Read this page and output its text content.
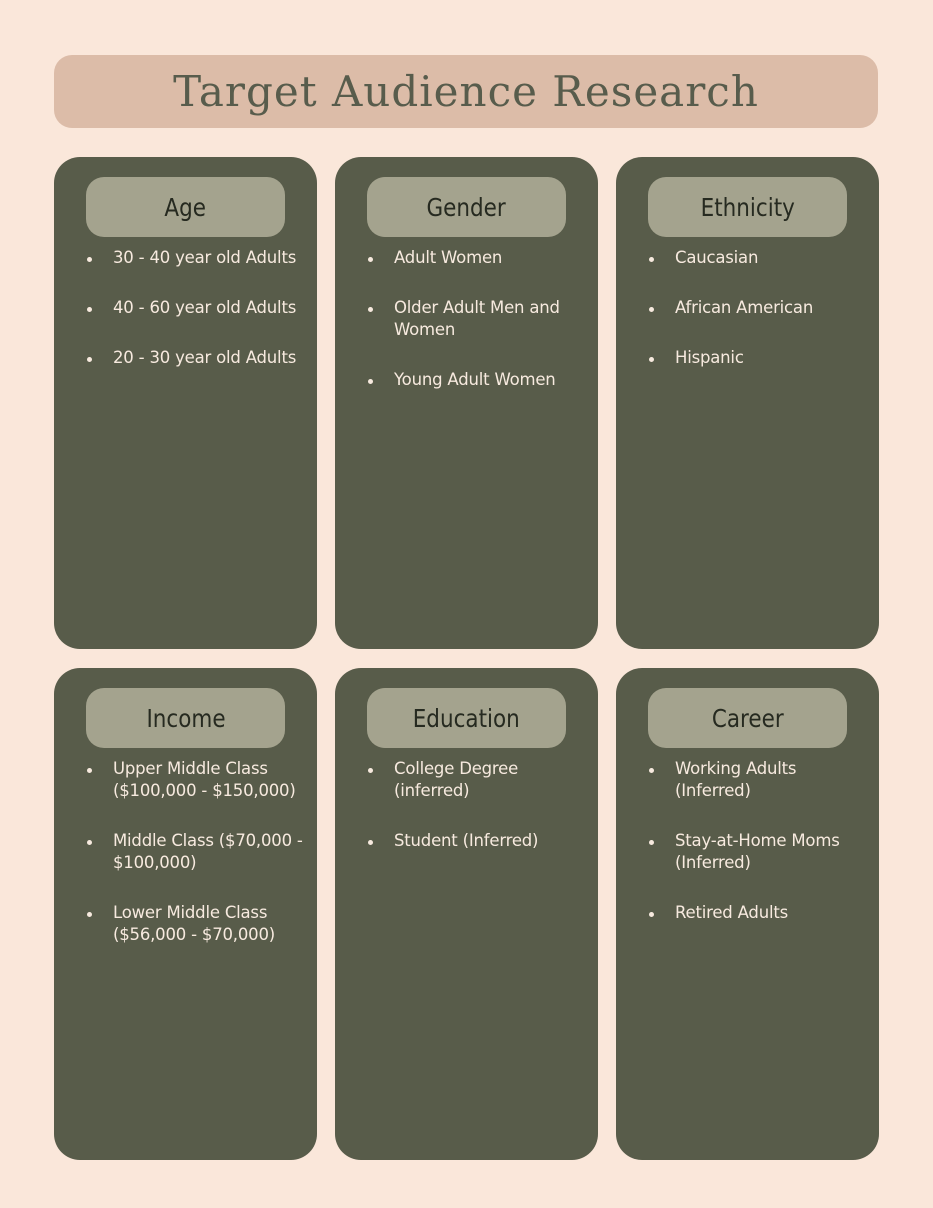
Target Audience Research
Age
30 - 40 year old Adults
40 - 60 year old Adults
20 - 30 year old Adults
Gender
Adult Women
Older Adult Men and Women
Young Adult Women
Ethnicity
Caucasian
African American
Hispanic
Income
Upper Middle Class ($100,000 - $150,000)
Middle Class ($70,000 - $100,000)
Lower Middle Class ($56,000 - $70,000)
Education
College Degree (inferred)
Student (Inferred)
Career
Working Adults (Inferred)
Stay-at-Home Moms (Inferred)
Retired Adults
